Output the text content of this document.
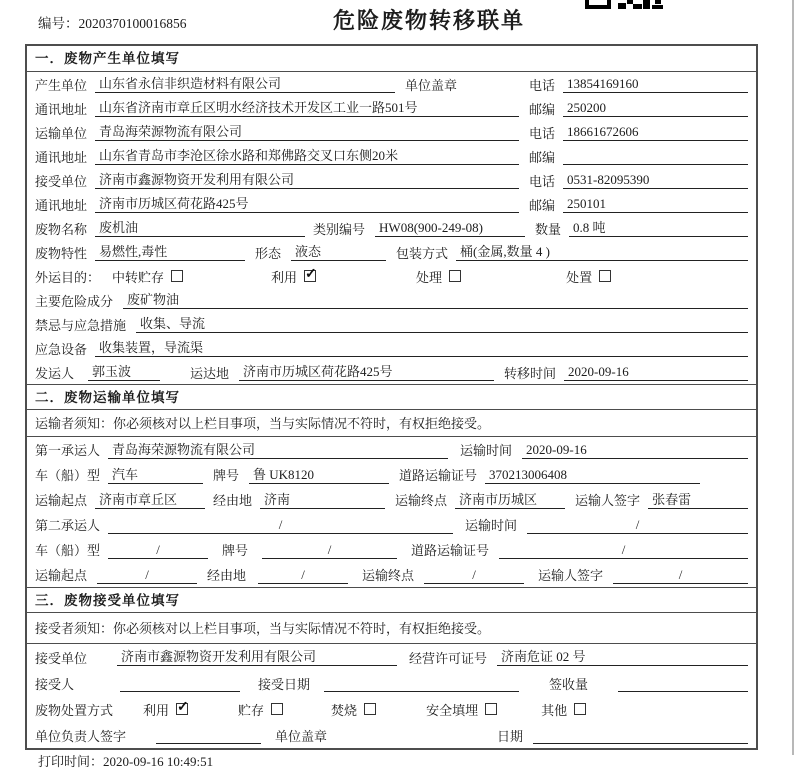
编号：2020370100016856	危险废物转移联单
一．废物产生单位填写
产生单位 山东省永信非织造材料有限公司	单位盖章	电话 13854169160
通讯地址 山东省济南市章丘区明水经济技术开发区工业一路501号	邮编 250200
运输单位 青岛海荣源物流有限公司	电话 18661672606
通讯地址 山东省青岛市李沧区徐水路和郑佛路交叉口东侧20米	邮编
接受单位 济南市鑫源物资开发利用有限公司	电话 0531-82095390
通讯地址 济南市历城区荷花路425号	邮编 250101
废物名称 废机油	类别编号	HW08(900-249-08)	数量 0.8 吨
废物特性 易燃性,毒性	形态	液态	包装方式 桶(金属,数量 4 )
外运目的： 中转贮存	利用 ✓	处理	处置
主要危险成分	废矿物油
禁忌与应急措施	收集、导流
应急设备 收集装置，导流渠
发运人	郭玉波	运达地	济南市历城区荷花路425号	转移时间 2020-09-16
二．废物运输单位填写
运输者须知：你必须核对以上栏目事项，当与实际情况不符时，有权拒绝接受。
第一承运人 青岛海荣源物流有限公司	运输时间	2020-09-16
车（船）型 汽车	牌号	鲁 UK8120	道路运输证号 370213006408
运输起点 济南市章丘区	经由地 济南	运输终点 济南市历城区	运输人签字 张春雷
第二承运人	/	运输时间	/
车（船）型	/	牌号	/	道路运输证号	/
运输起点	/	经由地	/	运输终点	/	运输人签字	/
三．废物接受单位填写
接受者须知：你必须核对以上栏目事项，当与实际情况不符时，有权拒绝接受。
接受单位	济南市鑫源物资开发利用有限公司	经营许可证号	济南危证 02 号
接受人	接受日期	签收量
废物处置方式 利用 ✓	贮存	焚烧	安全填埋	其他
单位负责人签字	单位盖章	日期
打印时间：2020-09-16 10:49:51
